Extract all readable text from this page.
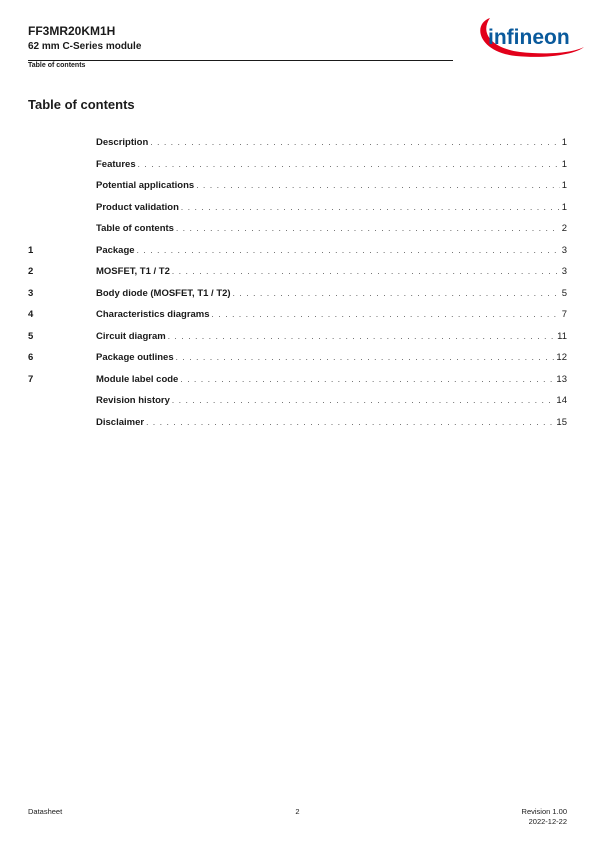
FF3MR20KM1H
62 mm C-Series module
Table of contents
infineon
Table of contents
Description . . .	1
Features . . .	1
Potential applications . . .	1
Product validation . . .	1
Table of contents . . .	2
1	Package . . .	3
2	MOSFET, T1 / T2 . . .	3
3	Body diode (MOSFET, T1 / T2) . . .	5
4	Characteristics diagrams . . .	7
5	Circuit diagram . . .	11
6	Package outlines . . .	12
7	Module label code . . .	13
Revision history . . .	14
Disclaimer . . .	15
Datasheet	2	Revision 1.00
2022-12-22
